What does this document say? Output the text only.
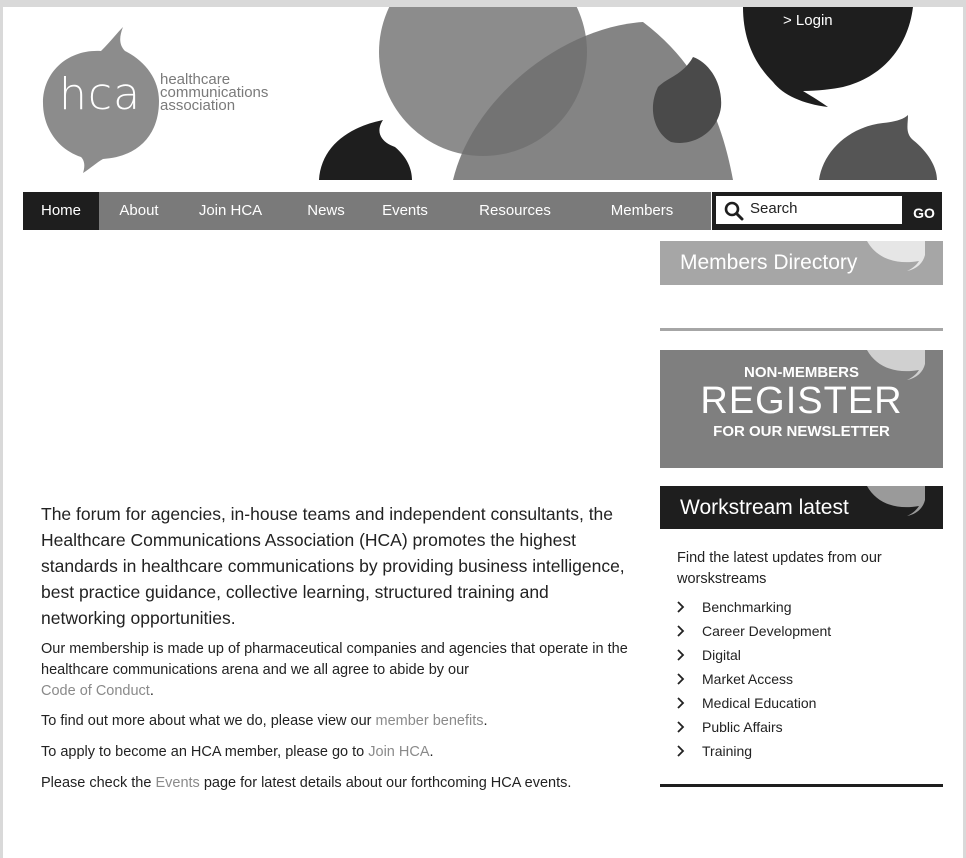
hca healthcare communications association
> Login
Home	About	Join HCA	News	Events	Resources	Members
Search	GO
The forum for agencies, in-house teams and independent consultants, the Healthcare Communications Association (HCA) promotes the highest standards in healthcare communications by providing business intelligence, best practice guidance, collective learning, structured training and networking opportunities.
Our membership is made up of pharmaceutical companies and agencies that operate in the healthcare communications arena and we all agree to abide by our
Code of Conduct.
To find out more about what we do, please view our member benefits.
To apply to become an HCA member, please go to Join HCA.
Please check the Events page for latest details about our forthcoming HCA events.
Members Directory
NON-MEMBERS
REGISTER
FOR OUR NEWSLETTER
Workstream latest
Find the latest updates from our worskstreams
Benchmarking
Career Development
Digital
Market Access
Medical Education
Public Affairs
Training
